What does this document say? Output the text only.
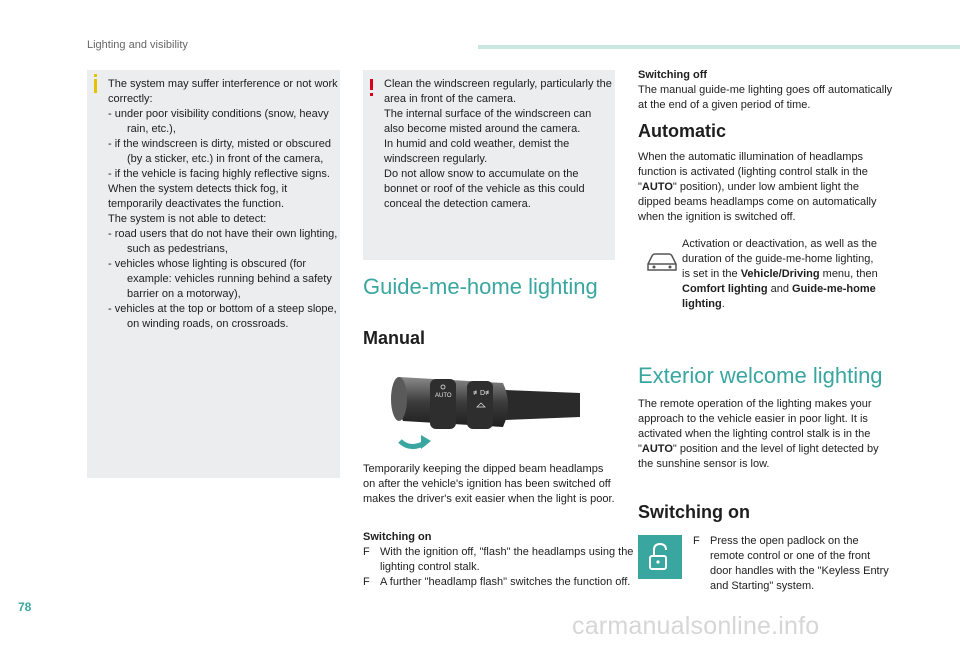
Lighting and visibility

The system may suffer interference or not work correctly:

- under poor visibility conditions (snow, heavy rain, etc.),

- if the windscreen is dirty, misted or obscured (by a sticker, etc.) in front of the camera,

- if the vehicle is facing highly reflective signs.

When the system detects thick fog, it temporarily deactivates the function.

The system is not able to detect:

- road users that do not have their own lighting, such as pedestrians,

- vehicles whose lighting is obscured (for example: vehicles running behind a safety barrier on a motorway),

- vehicles at the top or bottom of a steep slope, on winding roads, on crossroads.

Clean the windscreen regularly, particularly the area in front of the camera.

The internal surface of the windscreen can also become misted around the camera.

In humid and cold weather, demist the windscreen regularly.

Do not allow snow to accumulate on the bonnet or roof of the vehicle as this could conceal the detection camera.

Guide-me-home lighting
Manual
AUTO	≢D≢
Temporarily keeping the dipped beam headlamps on after the vehicle's ignition has been switched off makes the driver's exit easier when the light is poor.
Switching on
F With the ignition off, "flash" the headlamps using the lighting control stalk.
F A further "headlamp flash" switches the function off.
Switching off
The manual guide-me lighting goes off automatically at the end of a given period of time.
Automatic
When the automatic illumination of headlamps function is activated (lighting control stalk in the "AUTO" position), under low ambient light the dipped beams headlamps come on automatically when the ignition is switched off.
Activation or deactivation, as well as the duration of the guide-me-home lighting, is set in the Vehicle/Driving menu, then Comfort lighting and Guide-me-home lighting.
Exterior welcome lighting
The remote operation of the lighting makes your approach to the vehicle easier in poor light. It is activated when the lighting control stalk is in the "AUTO" position and the level of light detected by the sunshine sensor is low.
Switching on
F Press the open padlock on the remote control or one of the front door handles with the "Keyless Entry and Starting" system.
78
carmanualsonline.info
